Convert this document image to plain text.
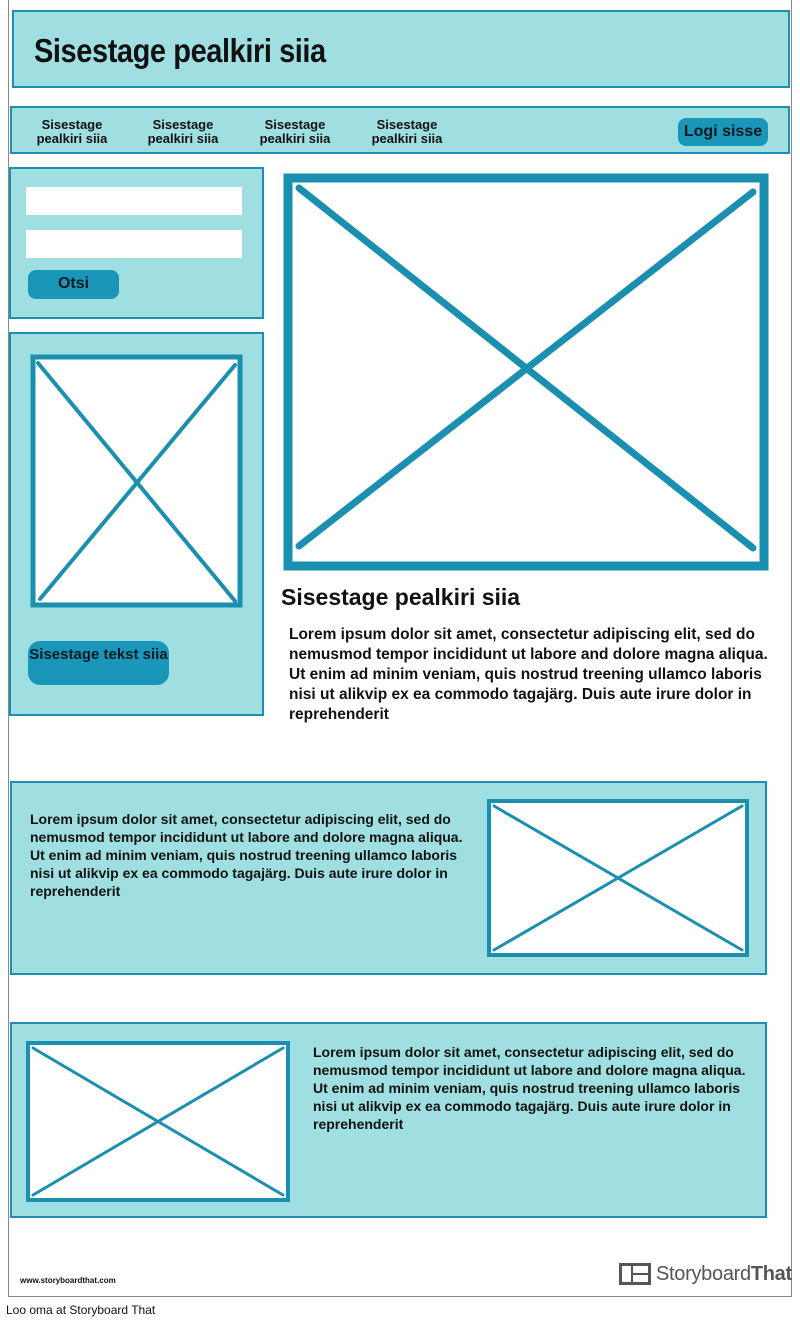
Sisestage pealkiri siia
Sisestage
pealkiri siia
Sisestage
pealkiri siia
Sisestage
pealkiri siia
Sisestage
pealkiri siia	Logi sisse
Otsi
Sisestage tekst siia
Sisestage pealkiri siia
Lorem ipsum dolor sit amet, consectetur adipiscing elit, sed do nemusmod tempor incididunt ut labore and dolore magna aliqua. Ut enim ad minim veniam, quis nostrud treening ullamco laboris nisi ut alikvip ex ea commodo tagajärg. Duis aute irure dolor in reprehenderit
Lorem ipsum dolor sit amet, consectetur adipiscing elit, sed do nemusmod tempor incididunt ut labore and dolore magna aliqua. Ut enim ad minim veniam, quis nostrud treening ullamco laboris nisi ut alikvip ex ea commodo tagajärg. Duis aute irure dolor in reprehenderit
Lorem ipsum dolor sit amet, consectetur adipiscing elit, sed do nemusmod tempor incididunt ut labore and dolore magna aliqua. Ut enim ad minim veniam, quis nostrud treening ullamco laboris nisi ut alikvip ex ea commodo tagajärg. Duis aute irure dolor in reprehenderit
www.storyboardthat.com	StoryboardThat
Loo oma at Storyboard That
